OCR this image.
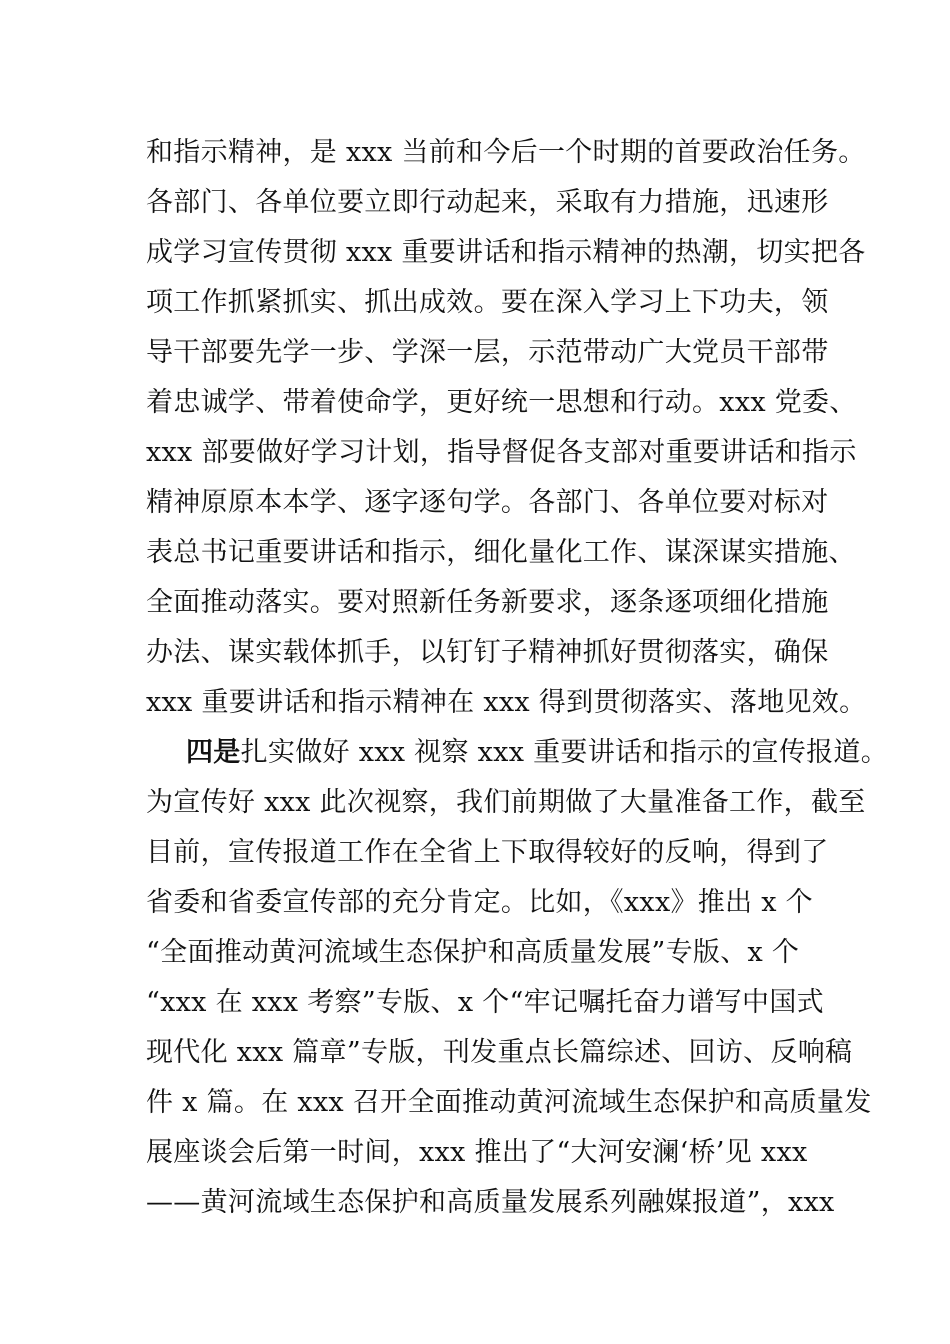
和指示精神，是 xxx 当前和今后一个时期的首要政治任务。
各部门、各单位要立即行动起来，采取有力措施，迅速形
成学习宣传贯彻 xxx 重要讲话和指示精神的热潮，切实把各
项工作抓紧抓实、抓出成效。要在深入学习上下功夫，领
导干部要先学一步、学深一层，示范带动广大党员干部带
着忠诚学、带着使命学，更好统一思想和行动。xxx 党委、
xxx 部要做好学习计划，指导督促各支部对重要讲话和指示
精神原原本本学、逐字逐句学。各部门、各单位要对标对
表总书记重要讲话和指示，细化量化工作、谋深谋实措施、
全面推动落实。要对照新任务新要求，逐条逐项细化措施
办法、谋实载体抓手，以钉钉子精神抓好贯彻落实，确保
xxx 重要讲话和指示精神在 xxx 得到贯彻落实、落地见效。
四是扎实做好 xxx 视察 xxx 重要讲话和指示的宣传报道。
为宣传好 xxx 此次视察，我们前期做了大量准备工作，截至
目前，宣传报道工作在全省上下取得较好的反响，得到了
省委和省委宣传部的充分肯定。比如，《xxx》推出 x 个
“全面推动黄河流域生态保护和高质量发展”专版、x 个
“xxx 在 xxx 考察”专版、x 个“牢记嘱托奋力谱写中国式
现代化 xxx 篇章”专版，刊发重点长篇综述、回访、反响稿
件 x 篇。在 xxx 召开全面推动黄河流域生态保护和高质量发
展座谈会后第一时间，xxx 推出了“大河安澜‘桥’见 xxx
——黄河流域生态保护和高质量发展系列融媒报道”，xxx
